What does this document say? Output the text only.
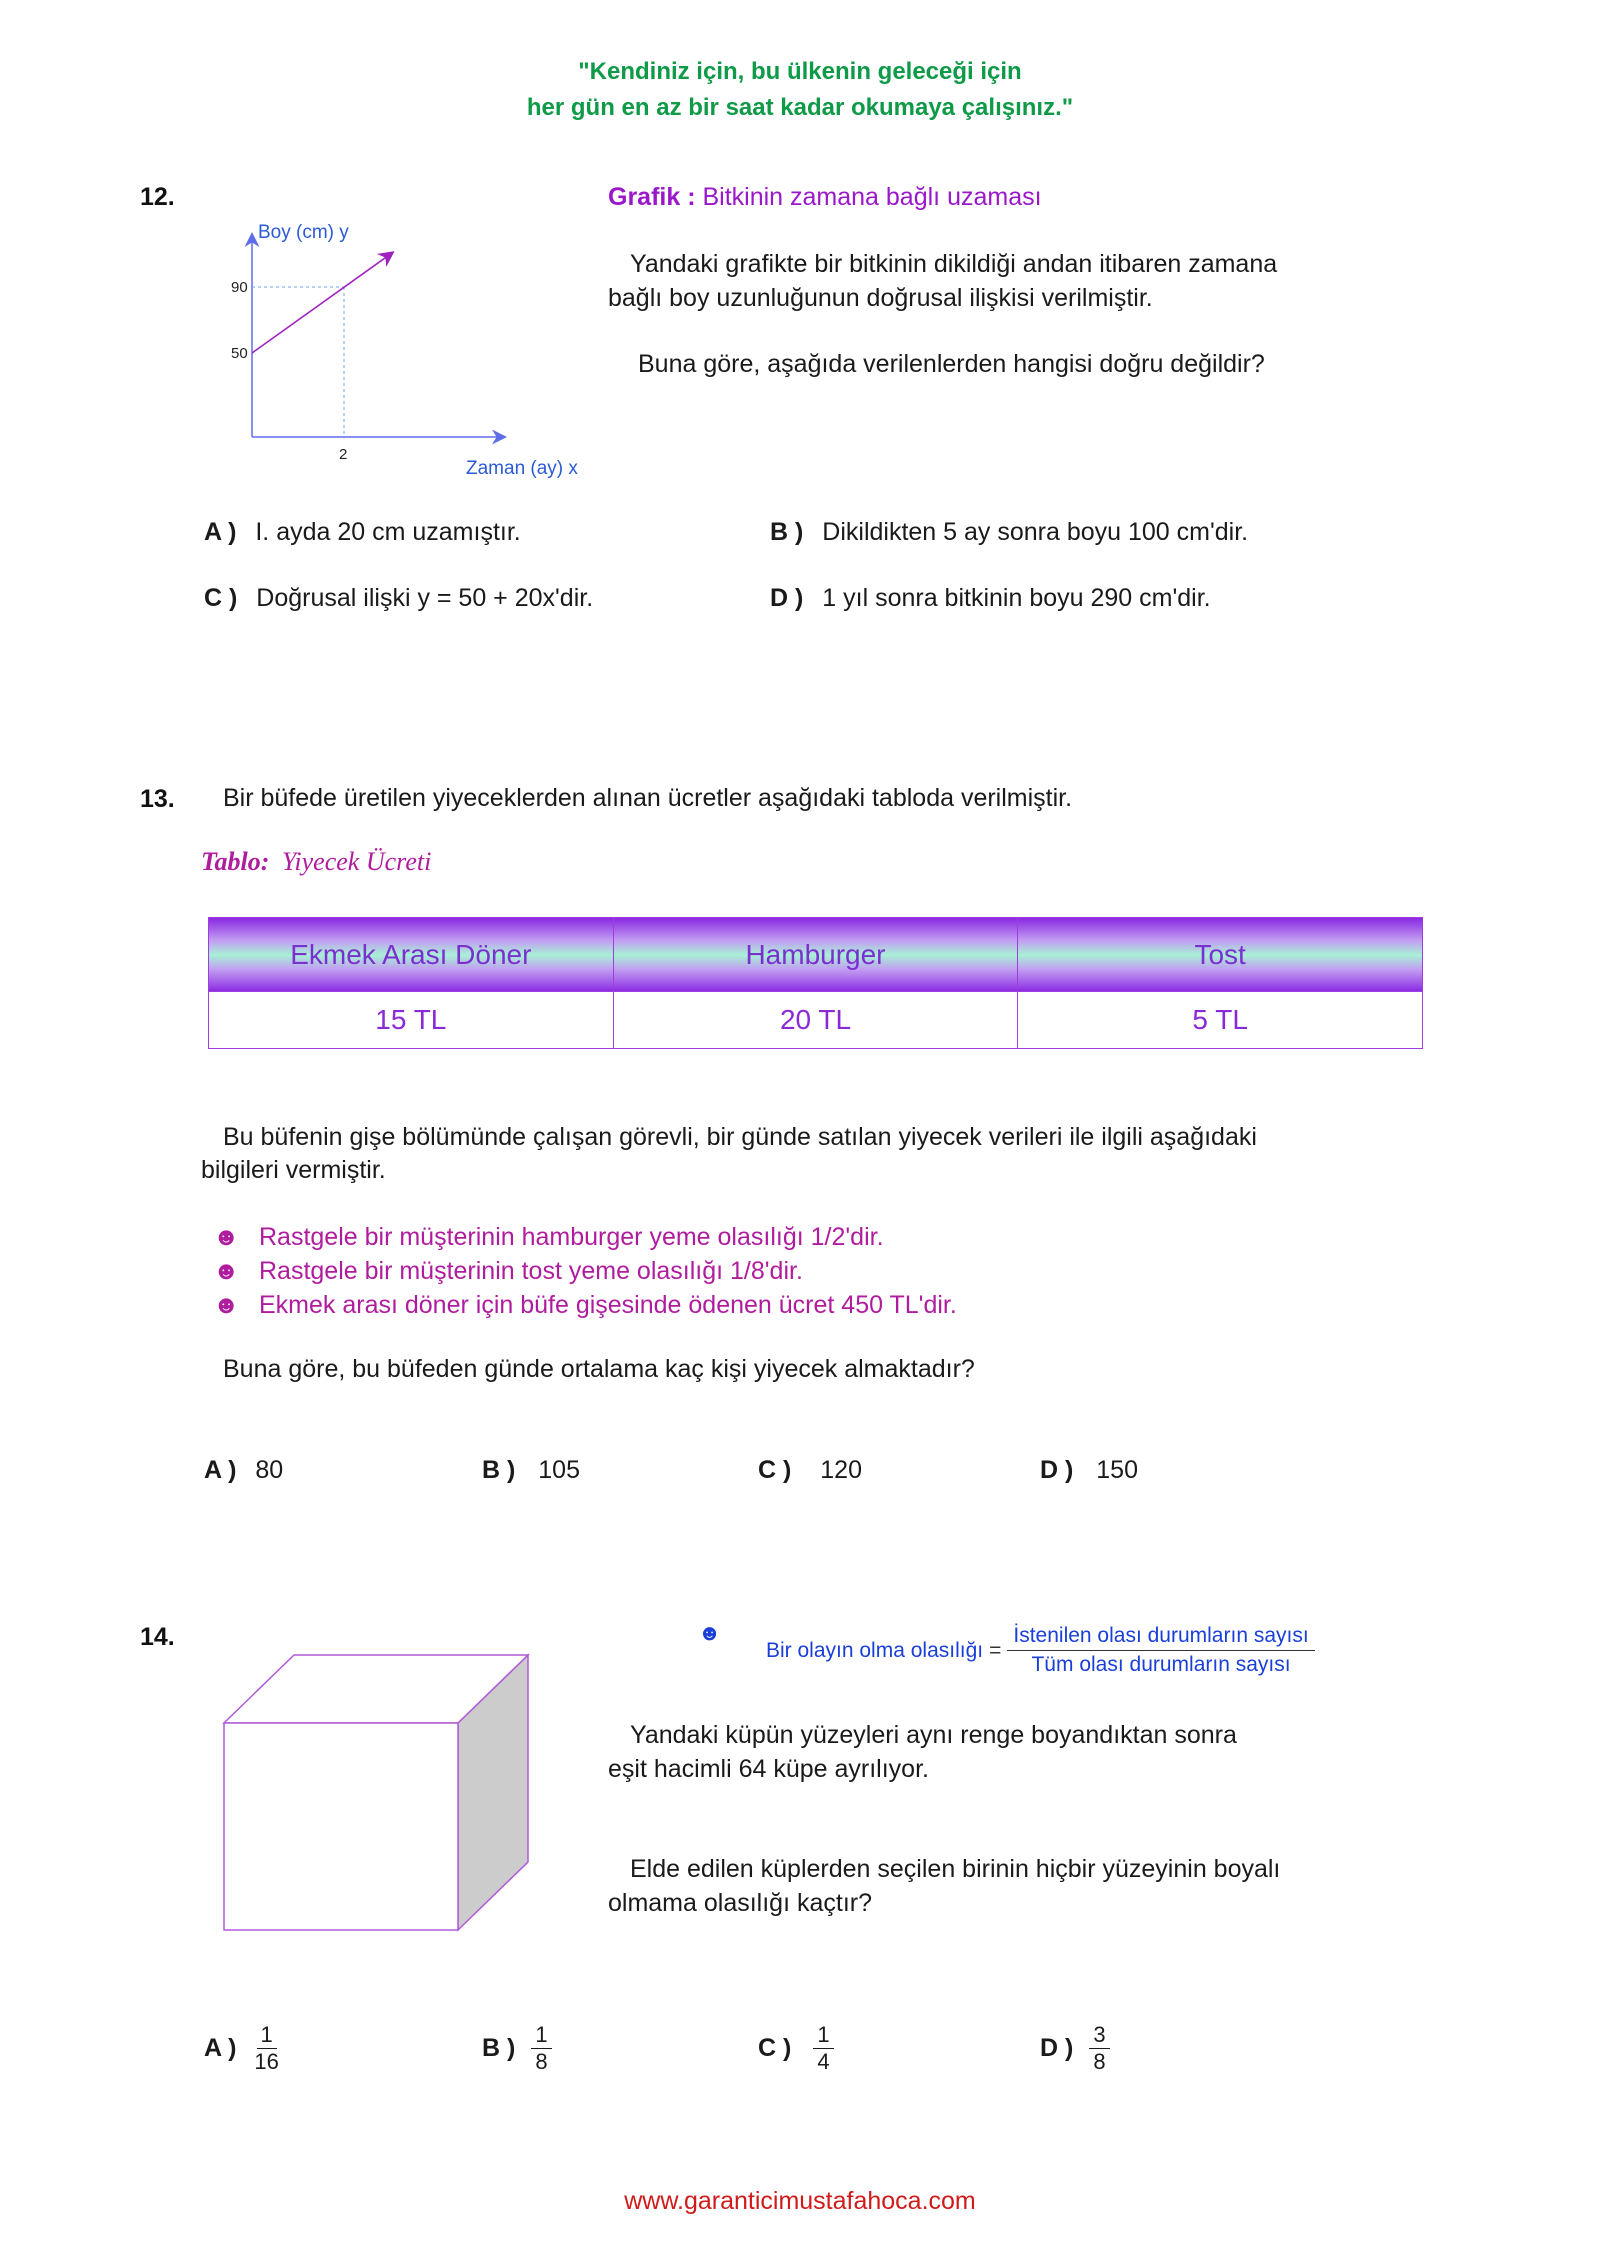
"Kendiniz için, bu ülkenin geleceği için
her gün en az bir saat kadar okumaya çalışınız."
12.
Boy (cm) y
90
50
2
Zaman (ay) x
Grafik : Bitkinin zamana bağlı uzaması
Yandaki grafikte bir bitkinin dikildiği andan itibaren zamana
bağlı boy uzunluğunun doğrusal ilişkisi verilmiştir.
Buna göre, aşağıda verilenlerden hangisi doğru değildir?
A ) I. ayda 20 cm uzamıştır.	B ) Dikildikten 5 ay sonra boyu 100 cm'dir.
C ) Doğrusal ilişki y = 50 + 20x'dir.	D ) 1 yıl sonra bitkinin boyu 290 cm'dir.
13. Bir büfede üretilen yiyeceklerden alınan ücretler aşağıdaki tabloda verilmiştir.
Tablo: Yiyecek Ücreti
Ekmek Arası Döner	Hamburger	Tost
15 TL	20 TL	5 TL
Bu büfenin gişe bölümünde çalışan görevli, bir günde satılan yiyecek verileri ile ilgili aşağıdaki
bilgileri vermiştir.
☻ Rastgele bir müşterinin hamburger yeme olasılığı 1/2'dir.
☻ Rastgele bir müşterinin tost yeme olasılığı 1/8'dir.
☻ Ekmek arası döner için büfe gişesinde ödenen ücret 450 TL'dir.
Buna göre, bu büfeden günde ortalama kaç kişi yiyecek almaktadır?
A ) 80	B ) 105	C ) 120	D ) 150
14.	☻
Bir olayın olma olasılığı =
İstenilen olası durumların sayısı
Tüm olası durumların sayısı
Yandaki küpün yüzeyleri aynı renge boyandıktan sonra
eşit hacimli 64 küpe ayrılıyor.
Elde edilen küplerden seçilen birinin hiçbir yüzeyinin boyalı
olmama olasılığı kaçtır?
A ) $\frac{1}{16}$	B ) $\frac{1}{8}$	C ) $\frac{1}{4}$	D ) $\frac{3}{8}$
www.garanticimustafahoca.com
